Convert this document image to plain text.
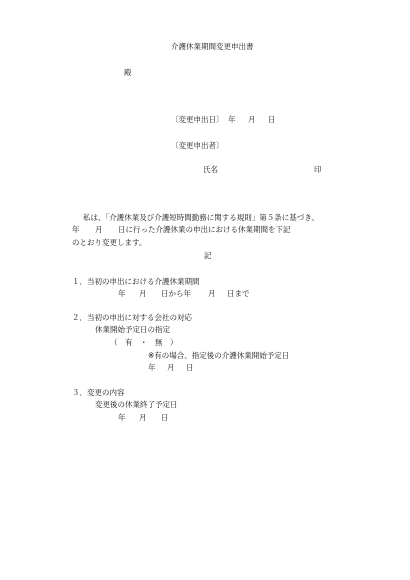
介護休業期間変更申出書
殿
〔変更申出日〕 年 月 日
〔変更申出者〕
氏名	印
私は、「介護休業及び介護短時間勤務に関する規則」第５条に基づき、
年 月 日に行った介護休業の申出における休業期間を下記
のとおり変更します。
記
１．当初の申出における介護休業期間
年 月 日から年 月 日まで
２．当初の申出に対する会社の対応
休業開始予定日の指定
（　有　・　無　）
※有の場合、指定後の介護休業開始予定日
年 月 日
３．変更の内容
変更後の休業終了予定日
年 月 日
